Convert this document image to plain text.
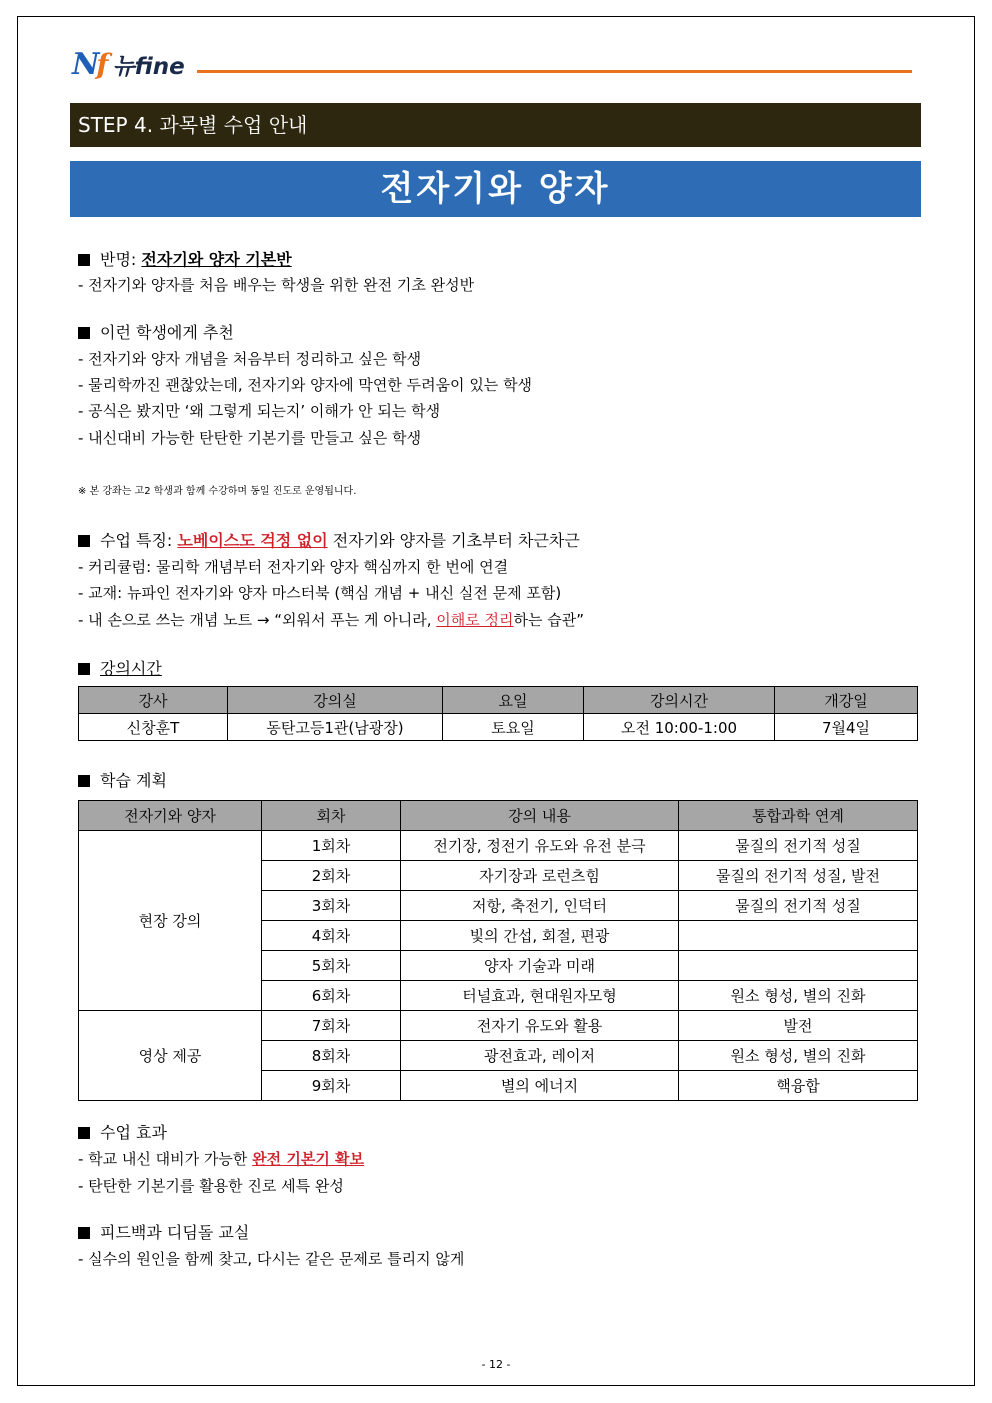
N f 뉴fine
STEP 4. 과목별 수업 안내
전자기와 양자
반명: 전자기와 양자 기본반
- 전자기와 양자를 처음 배우는 학생을 위한 완전 기초 완성반
이런 학생에게 추천
- 전자기와 양자 개념을 처음부터 정리하고 싶은 학생
- 물리학까진 괜찮았는데, 전자기와 양자에 막연한 두려움이 있는 학생
- 공식은 봤지만 ‘왜 그렇게 되는지’ 이해가 안 되는 학생
- 내신대비 가능한 탄탄한 기본기를 만들고 싶은 학생
※ 본 강좌는 고2 학생과 함께 수강하며 동일 진도로 운영됩니다.
수업 특징: 노베이스도 걱정 없이 전자기와 양자를 기초부터 차근차근
- 커리큘럼: 물리학 개념부터 전자기와 양자 핵심까지 한 번에 연결
- 교재: 뉴파인 전자기와 양자 마스터북 (핵심 개념 + 내신 실전 문제 포함)
- 내 손으로 쓰는 개념 노트 → “외워서 푸는 게 아니라, 이해로 정리하는 습관”
강의시간
강사	강의실	요일	강의시간	개강일
신창훈T	동탄고등1관(남광장)	토요일	오전 10:00-1:00	7월4일
학습 계획
전자기와 양자	회차	강의 내용	통합과학 연계
현장 강의	1회차	전기장, 정전기 유도와 유전 분극	물질의 전기적 성질
	2회차	자기장과 로런츠힘	물질의 전기적 성질, 발전
	3회차	저항, 축전기, 인덕터	물질의 전기적 성질
	4회차	빛의 간섭, 회절, 편광	
	5회차	양자 기술과 미래	
	6회차	터널효과, 현대원자모형	원소 형성, 별의 진화
영상 제공	7회차	전자기 유도와 활용	발전
	8회차	광전효과, 레이저	원소 형성, 별의 진화
	9회차	별의 에너지	핵융합
수업 효과
- 학교 내신 대비가 가능한 완전 기본기 확보
- 탄탄한 기본기를 활용한 진로 세특 완성
피드백과 디딤돌 교실
- 실수의 원인을 함께 찾고, 다시는 같은 문제로 틀리지 않게
- 12 -
